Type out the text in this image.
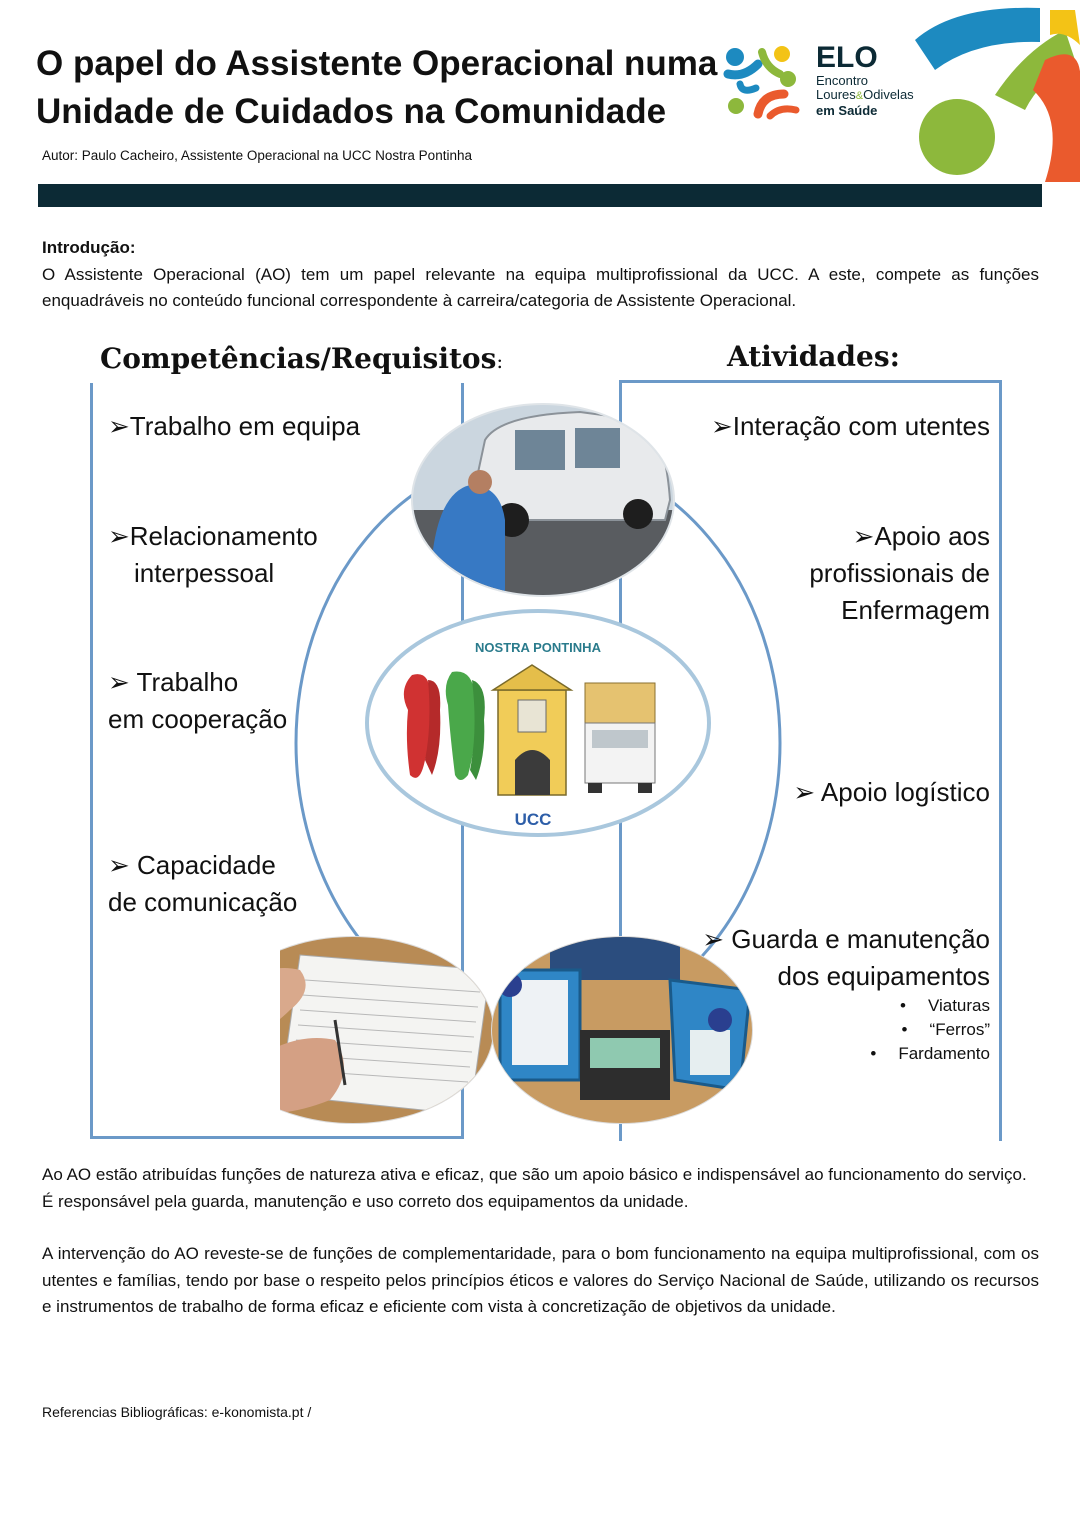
O papel do Assistente Operacional numa
Unidade de Cuidados na Comunidade
ELO
Encontro
Loures&Odivelas
em Saúde
Autor: Paulo Cacheiro, Assistente Operacional na UCC Nostra Pontinha
Introdução:

O Assistente Operacional (AO) tem um papel relevante na equipa multiprofissional da UCC. A este, compete as funções enquadráveis no conteúdo funcional correspondente à carreira/categoria de Assistente Operacional.

Competências/Requisitos:	Atividades:
NOSTRA PONTINHA
UCC
➢Trabalho em equipa
➢Relacionamento
interpessoal
➢ Trabalho
em cooperação
➢ Capacidade
de comunicação
➢Interação com utentes
➢Apoio aos
profissionais de
Enfermagem
➢ Apoio logístico
➢ Guarda e manutenção
dos equipamentos
• Viaturas
• “Ferros”
• Fardamento

Ao AO estão atribuídas funções de natureza ativa e eficaz, que são um apoio básico e indispensável ao funcionamento do serviço.

É responsável pela guarda, manutenção e uso correto dos equipamentos da unidade.

A intervenção do AO reveste-se de funções de complementaridade, para o bom funcionamento na equipa multiprofissional, com os utentes e famílias, tendo por base o respeito pelos princípios éticos e valores do Serviço Nacional de Saúde, utilizando os recursos e instrumentos de trabalho de forma eficaz e eficiente com vista à concretização de objetivos da unidade.

Referencias Bibliográficas: e-konomista.pt /
